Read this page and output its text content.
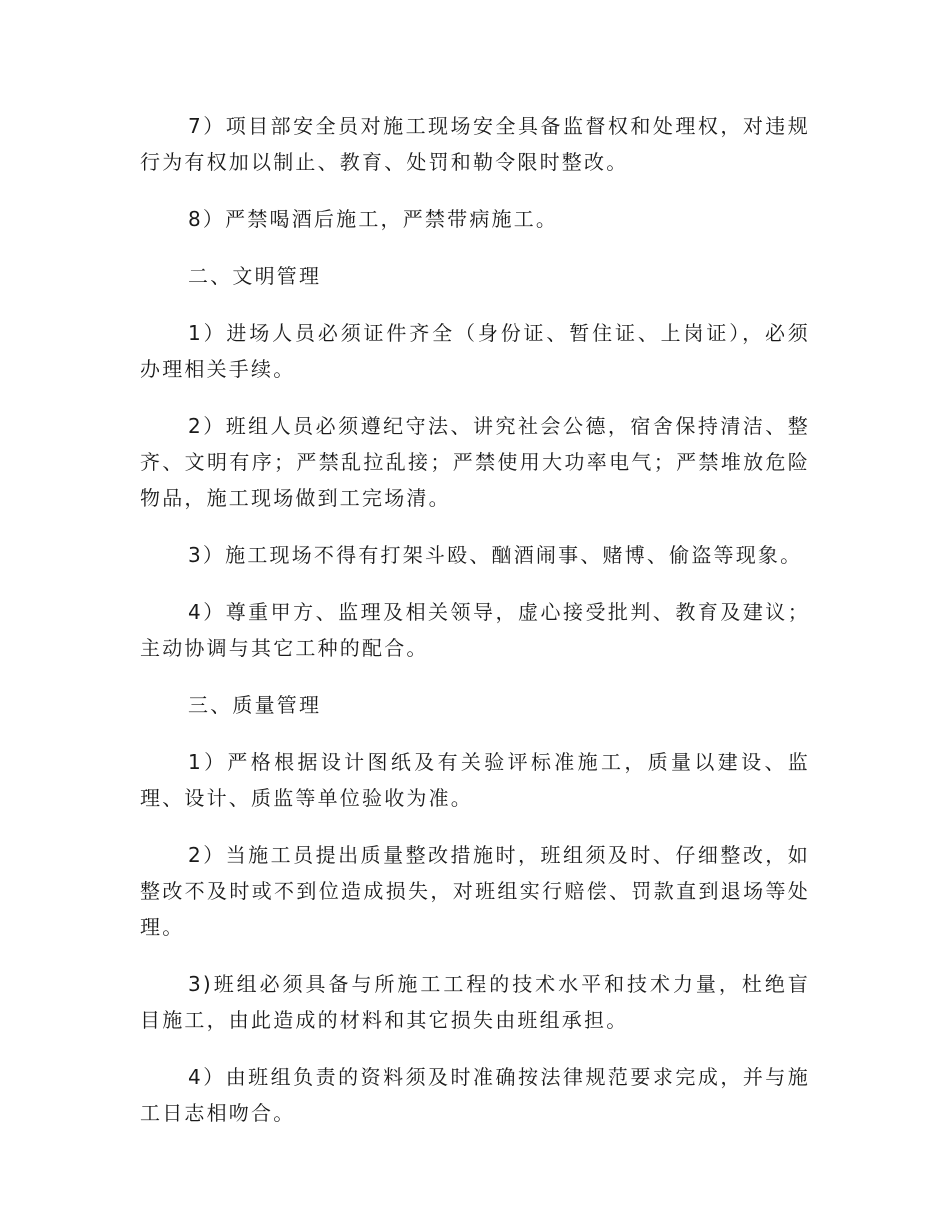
7）项目部安全员对施工现场安全具备监督权和处理权，对违规行为有权加以制止、教育、处罚和勒令限时整改。

8）严禁喝酒后施工，严禁带病施工。

二、文明管理

1）进场人员必须证件齐全（身份证、暂住证、上岗证），必须办理相关手续。

2）班组人员必须遵纪守法、讲究社会公德，宿舍保持清洁、整齐、文明有序；严禁乱拉乱接；严禁使用大功率电气；严禁堆放危险物品，施工现场做到工完场清。

3）施工现场不得有打架斗殴、酗酒闹事、赌博、偷盗等现象。

4）尊重甲方、监理及相关领导，虚心接受批判、教育及建议；主动协调与其它工种的配合。

三、质量管理

1）严格根据设计图纸及有关验评标准施工，质量以建设、监理、设计、质监等单位验收为准。

2）当施工员提出质量整改措施时，班组须及时、仔细整改，如整改不及时或不到位造成损失，对班组实行赔偿、罚款直到退场等处理。

3)班组必须具备与所施工工程的技术水平和技术力量，杜绝盲目施工，由此造成的材料和其它损失由班组承担。

4）由班组负责的资料须及时准确按法律规范要求完成，并与施工日志相吻合。
